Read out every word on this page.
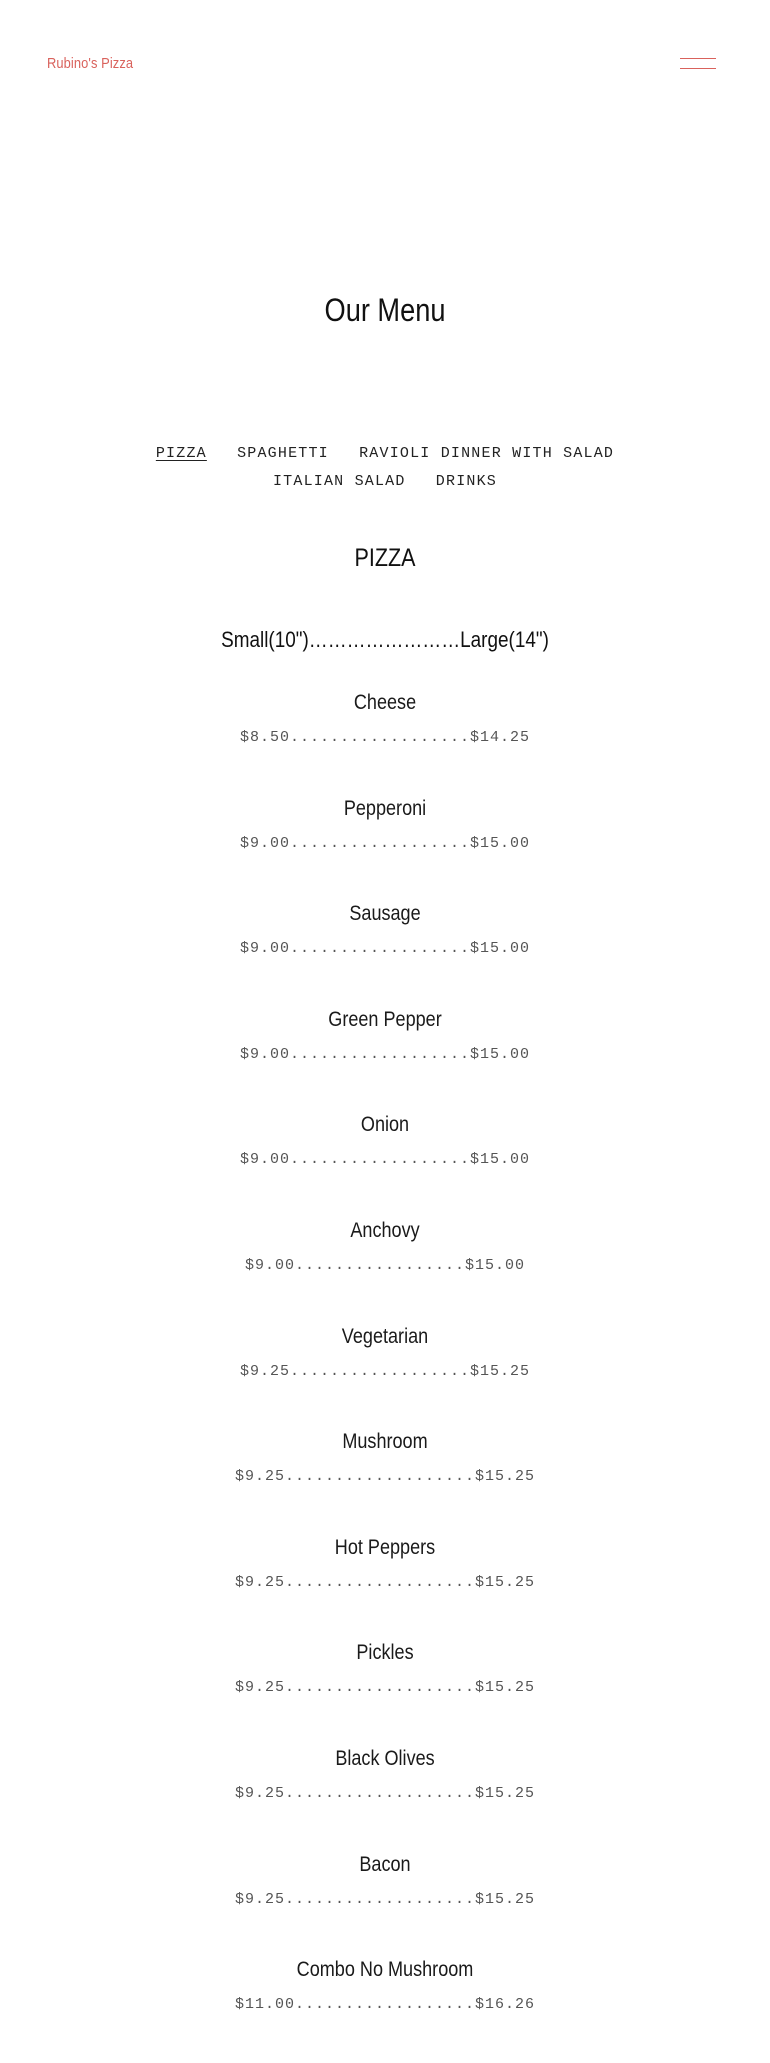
Rubino's Pizza
Our Menu
PIZZA SPAGHETTI RAVIOLI DINNER WITH SALAD ITALIAN SALAD DRINKS
PIZZA
Small(10")……………………Large(14")
Cheese
$8.50..................$14.25
Pepperoni
$9.00..................$15.00
Sausage
$9.00..................$15.00
Green Pepper
$9.00..................$15.00
Onion
$9.00..................$15.00
Anchovy
$9.00.................$15.00
Vegetarian
$9.25..................$15.25
Mushroom
$9.25...................$15.25
Hot Peppers
$9.25...................$15.25
Pickles
$9.25...................$15.25
Black Olives
$9.25...................$15.25
Bacon
$9.25...................$15.25
Combo No Mushroom
$11.00..................$16.26
